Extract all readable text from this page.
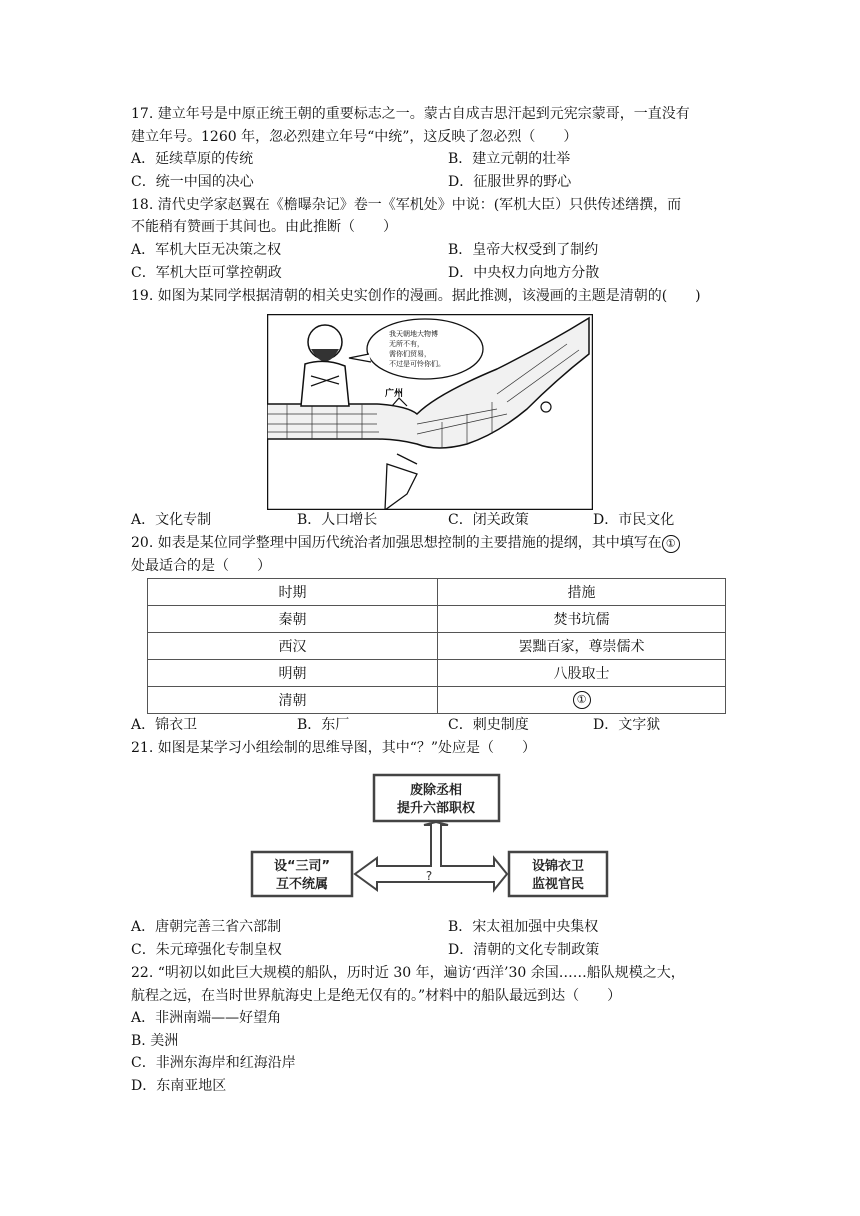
17. 建立年号是中原正统王朝的重要标志之一。蒙古自成吉思汗起到元宪宗蒙哥，一直没有
建立年号。1260 年，忽必烈建立年号“中统”，这反映了忽必烈（　　）
A．延续草原的传统	B．建立元朝的壮举
C．统一中国的决心	D．征服世界的野心
18. 清代史学家赵翼在《檐曝杂记》卷一《军机处》中说：(军机大臣）只供传述缮撰，而
不能稍有赞画于其间也。由此推断（　　）
A．军机大臣无决策之权	B．皇帝大权受到了制约
C．军机大臣可掌控朝政	D．中央权力向地方分散
19. 如图为某同学根据清朝的相关史实创作的漫画。据此推测，该漫画的主题是清朝的(　　)
我天朝地大物博
无所不有，
需你们贸易，
不过是可怜你们。
广州
A．文化专制	B．人口增长	C．闭关政策	D．市民文化
20. 如表是某位同学整理中国历代统治者加强思想控制的主要措施的提纲，其中填写在 ①
处最适合的是（　　）
时期	措施
秦朝	焚书坑儒
西汉	罢黜百家，尊崇儒术
明朝	八股取士
清朝	①
A．锦衣卫	B．东厂	C．刺史制度	D．文字狱
21. 如图是某学习小组绘制的思维导图，其中“？”处应是（　　）
废除丞相
提升六部职权
设“三司”
互不统属
设锦衣卫
监视官民
?
A．唐朝完善三省六部制	B．宋太祖加强中央集权
C．朱元璋强化专制皇权	D．清朝的文化专制政策
22. “明初以如此巨大规模的船队，历时近 30 年，遍访‘西洋’30 余国……船队规模之大，
航程之远，在当时世界航海史上是绝无仅有的。”材料中的船队最远到达（　　）
A．非洲南端——好望角
B. 美洲
C．非洲东海岸和红海沿岸
D．东南亚地区
